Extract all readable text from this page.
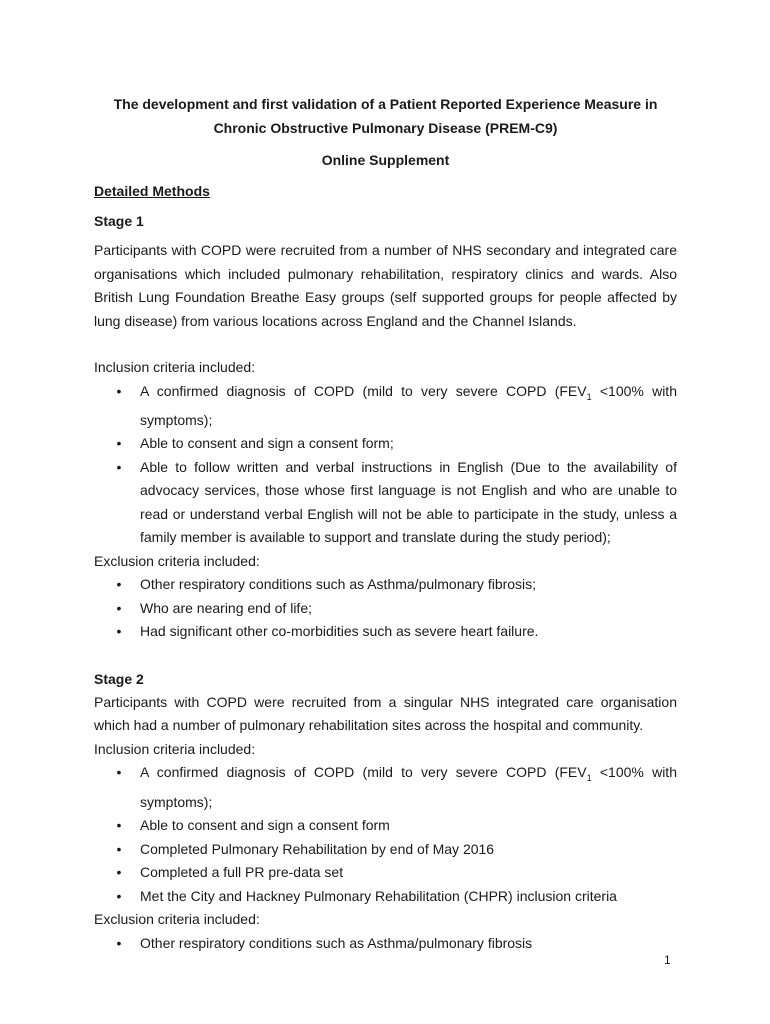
The development and first validation of a Patient Reported Experience Measure in
Chronic Obstructive Pulmonary Disease (PREM-C9)

Online Supplement

Detailed Methods

Stage 1

Participants with COPD were recruited from a number of NHS secondary and integrated care organisations which included pulmonary rehabilitation, respiratory clinics and wards. Also British Lung Foundation Breathe Easy groups (self supported groups for people affected by lung disease) from various locations across England and the Channel Islands.

Inclusion criteria included:

• A confirmed diagnosis of COPD (mild to very severe COPD ($FEV_1 <100\%$ with symptoms);
• Able to consent and sign a consent form;
• Able to follow written and verbal instructions in English (Due to the availability of advocacy services, those whose first language is not English and who are unable to read or understand verbal English will not be able to participate in the study, unless a family member is available to support and translate during the study period);

Exclusion criteria included:

• Other respiratory conditions such as Asthma/pulmonary fibrosis;
• Who are nearing end of life;
• Had significant other co-morbidities such as severe heart failure.

Stage 2

Participants with COPD were recruited from a singular NHS integrated care organisation which had a number of pulmonary rehabilitation sites across the hospital and community.

Inclusion criteria included:

• A confirmed diagnosis of COPD (mild to very severe COPD ($FEV_1 <100\%$ with symptoms);
• Able to consent and sign a consent form
• Completed Pulmonary Rehabilitation by end of May 2016
• Completed a full PR pre-data set
• Met the City and Hackney Pulmonary Rehabilitation (CHPR) inclusion criteria

Exclusion criteria included:

• Other respiratory conditions such as Asthma/pulmonary fibrosis
1
